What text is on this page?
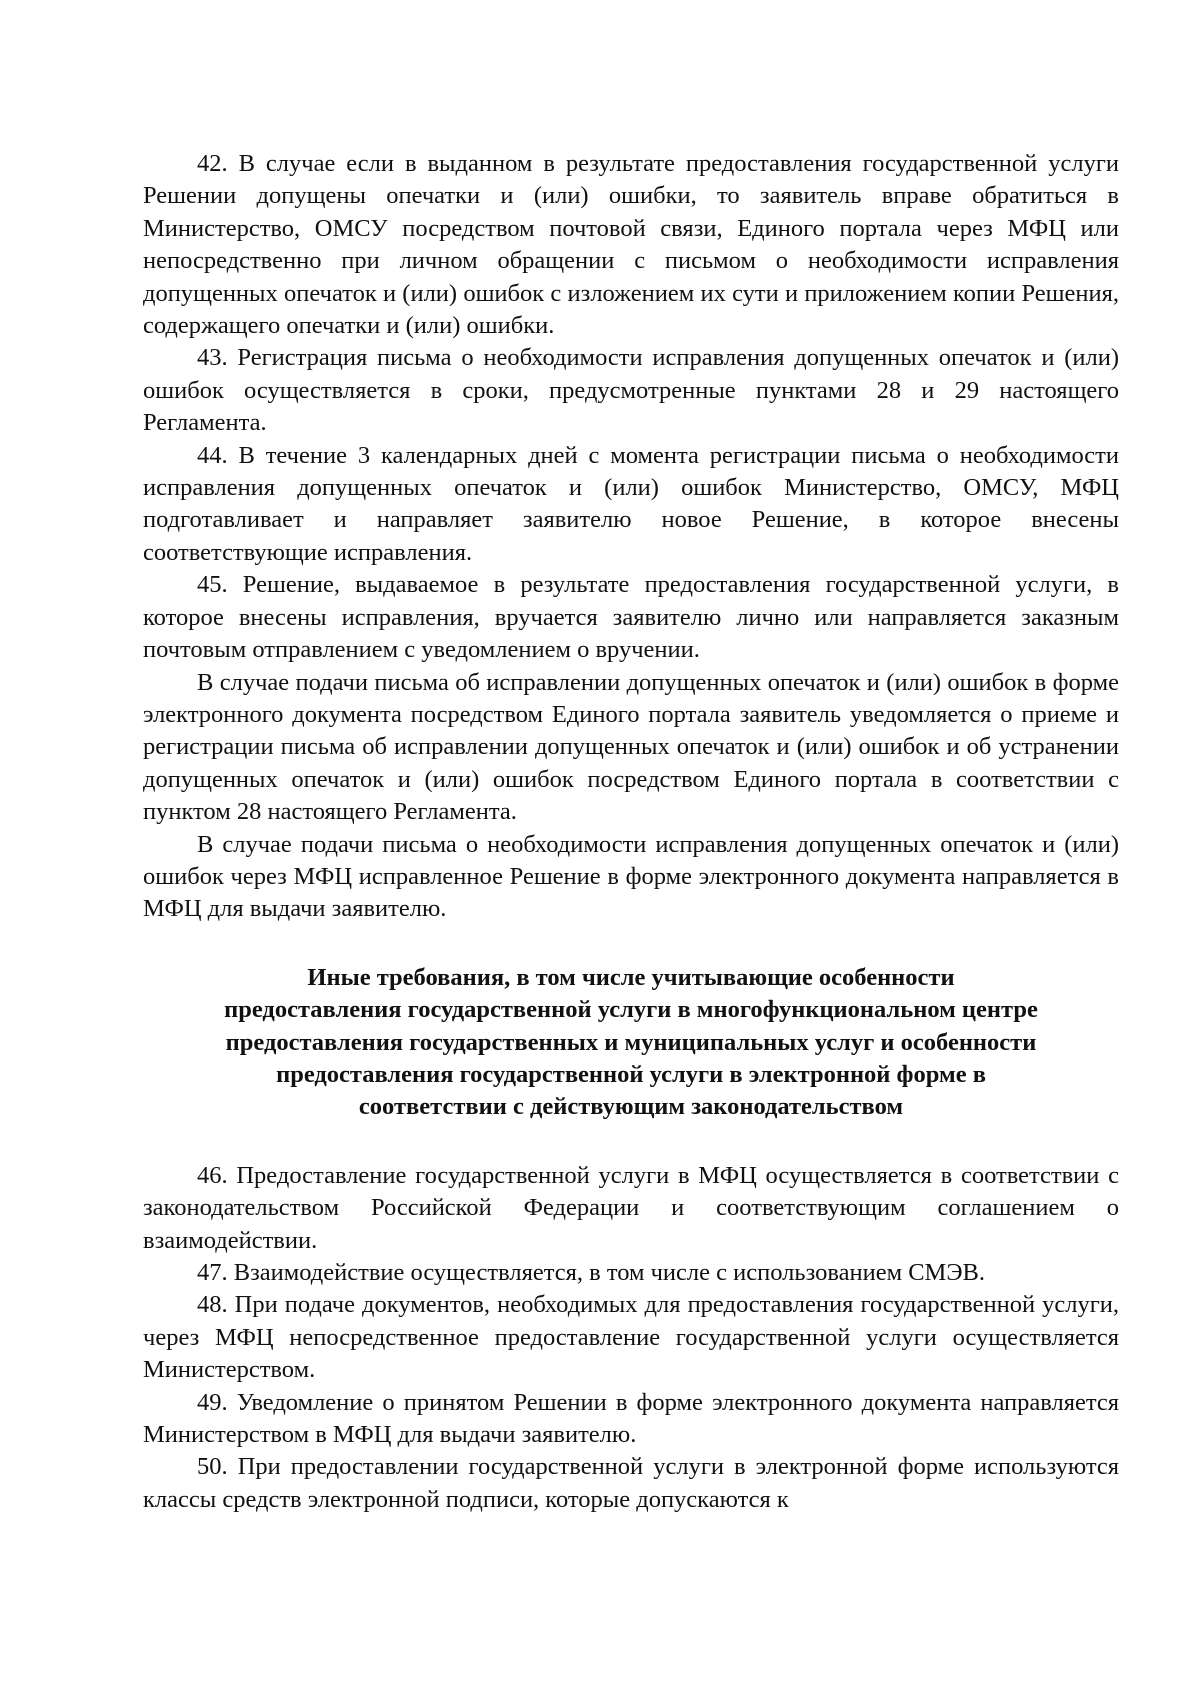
42. В случае если в выданном в результате предоставления государственной услуги Решении допущены опечатки и (или) ошибки, то заявитель вправе обратиться в Министерство, ОМСУ посредством почтовой связи, Единого портала через МФЦ или непосредственно при личном обращении с письмом о необходимости исправления допущенных опечаток и (или) ошибок с изложением их сути и приложением копии Решения, содержащего опечатки и (или) ошибки.

43. Регистрация письма о необходимости исправления допущенных опечаток и (или) ошибок осуществляется в сроки, предусмотренные пунктами 28 и 29 настоящего Регламента.

44. В течение 3 календарных дней с момента регистрации письма о необходимости исправления допущенных опечаток и (или) ошибок Министерство, ОМСУ, МФЦ подготавливает и направляет заявителю новое Решение, в которое внесены соответствующие исправления.

45. Решение, выдаваемое в результате предоставления государственной услуги, в которое внесены исправления, вручается заявителю лично или направляется заказным почтовым отправлением с уведомлением о вручении.

В случае подачи письма об исправлении допущенных опечаток и (или) ошибок в форме электронного документа посредством Единого портала заявитель уведомляется о приеме и регистрации письма об исправлении допущенных опечаток и (или) ошибок и об устранении допущенных опечаток и (или) ошибок посредством Единого портала в соответствии с пунктом 28 настоящего Регламента.

В случае подачи письма о необходимости исправления допущенных опечаток и (или) ошибок через МФЦ исправленное Решение в форме электронного документа направляется в МФЦ для выдачи заявителю.

Иные требования, в том числе учитывающие особенности
предоставления государственной услуги в многофункциональном центре
предоставления государственных и муниципальных услуг и особенности
предоставления государственной услуги в электронной форме в
соответствии с действующим законодательством

46. Предоставление государственной услуги в МФЦ осуществляется в соответствии с законодательством Российской Федерации и соответствующим соглашением о взаимодействии.

47. Взаимодействие осуществляется, в том числе с использованием СМЭВ.

48. При подаче документов, необходимых для предоставления государственной услуги, через МФЦ непосредственное предоставление государственной услуги осуществляется Министерством.

49. Уведомление о принятом Решении в форме электронного документа направляется Министерством в МФЦ для выдачи заявителю.

50. При предоставлении государственной услуги в электронной форме используются классы средств электронной подписи, которые допускаются к
